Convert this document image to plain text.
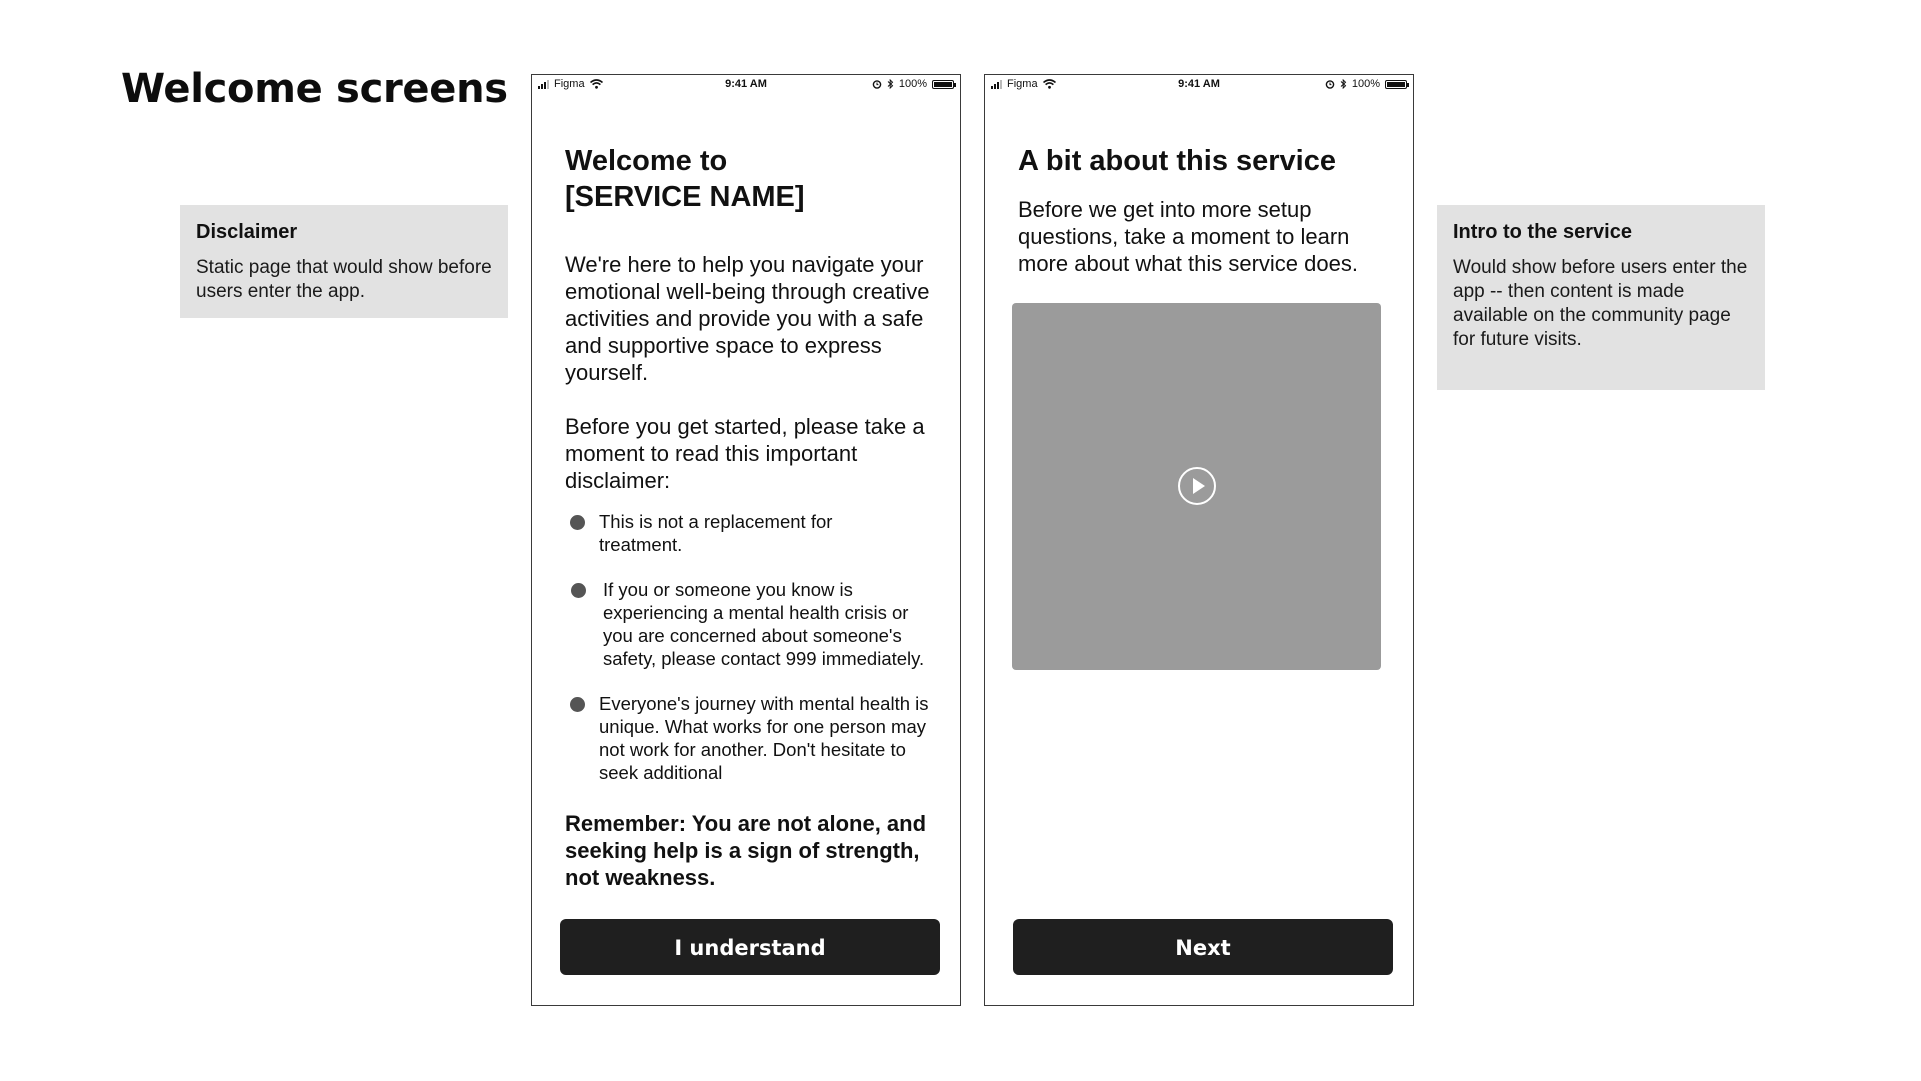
Welcome screens
Disclaimer
Static page that would show before users enter the app.
Intro to the service
Would show before users enter the app -- then content is made available on the community page for future visits.
Figma	9:41 AM	100%
Welcome to
[SERVICE NAME]
We're here to help you navigate your emotional well-being through creative activities and provide you with a safe and supportive space to express yourself.
Before you get started, please take a moment to read this important disclaimer:
This is not a replacement for treatment.
If you or someone you know is experiencing a mental health crisis or you are concerned about someone's safety, please contact 999 immediately.
Everyone's journey with mental health is unique. What works for one person may not work for another. Don't hesitate to seek additional
Remember: You are not alone, and seeking help is a sign of strength, not weakness.
I understand
Figma	9:41 AM	100%
A bit about this service
Before we get into more setup questions, take a moment to learn more about what this service does.
Next
